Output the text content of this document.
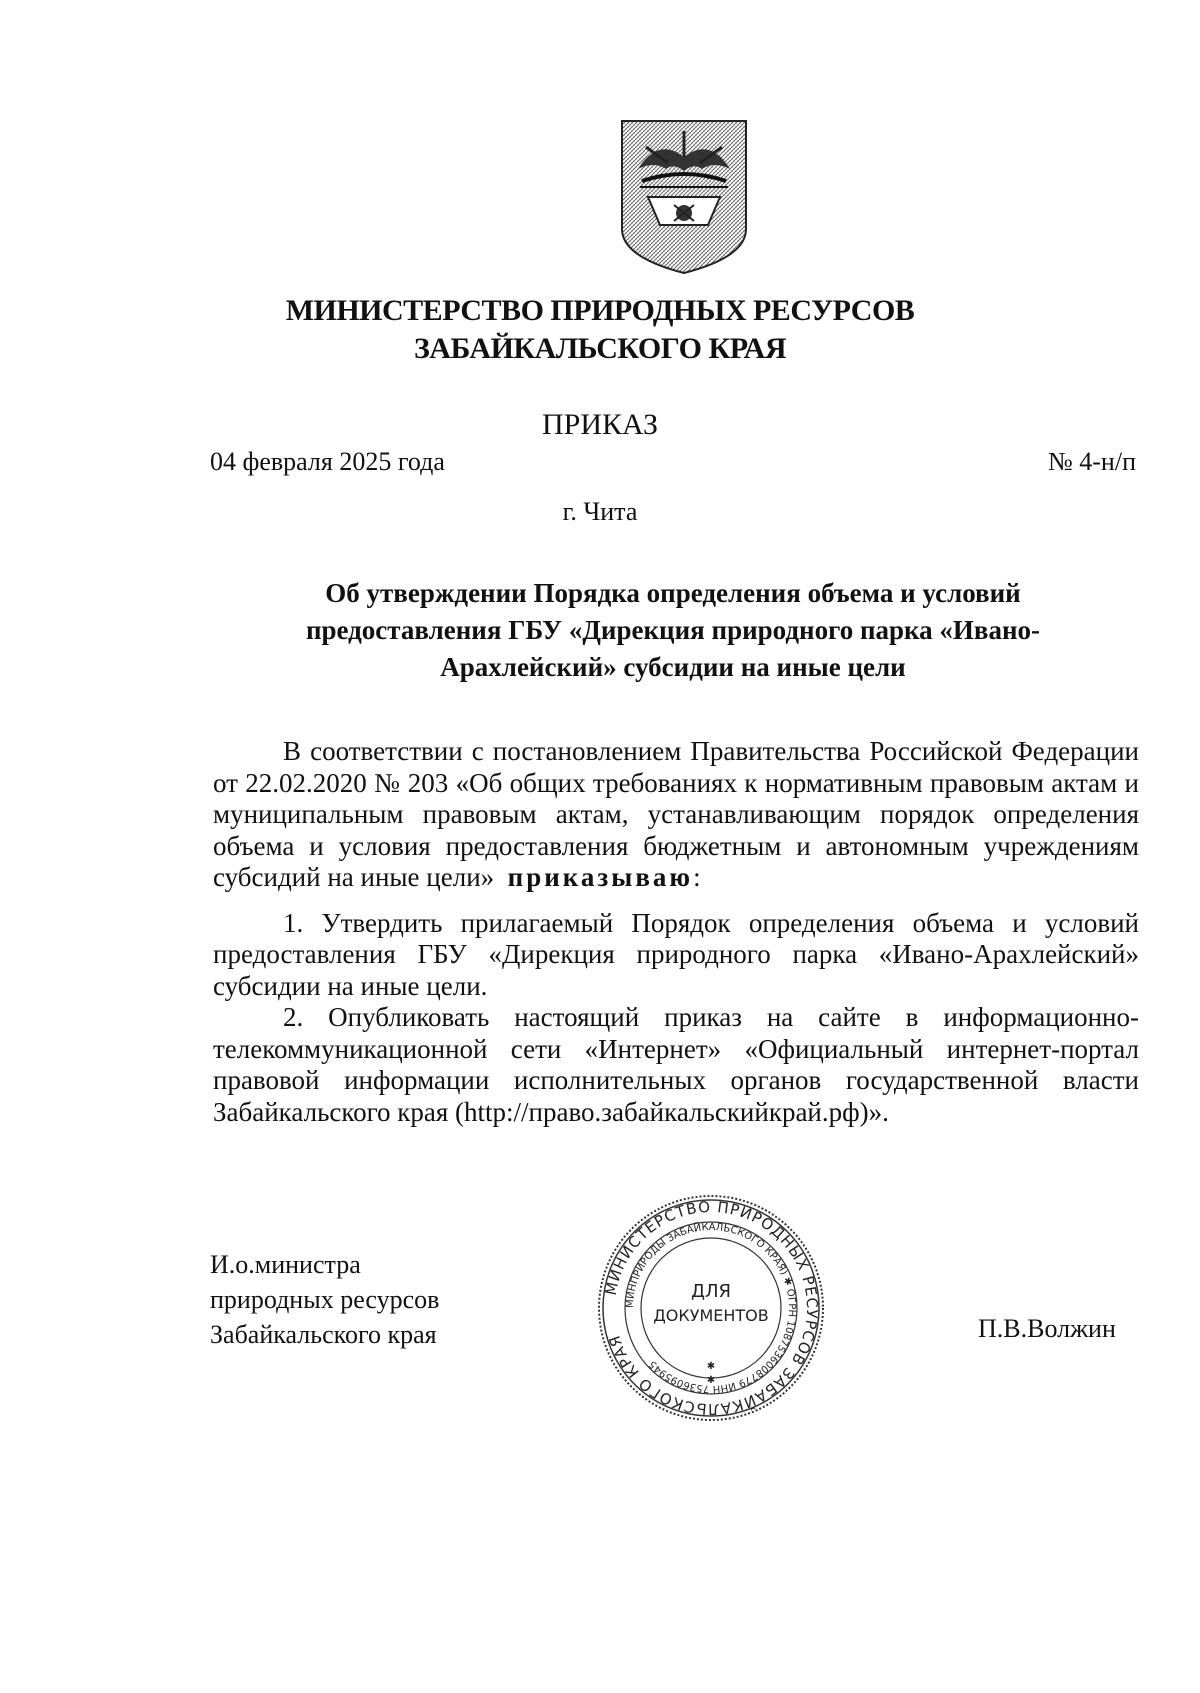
МИНИСТЕРСТВО ПРИРОДНЫХ РЕСУРСОВ
ЗАБАЙКАЛЬСКОГО КРАЯ
ПРИКАЗ
04 февраля 2025 года	№ 4-н/п
г. Чита
Об утверждении Порядка определения объема и условий
предоставления ГБУ «Дирекция природного парка «Ивано-
Арахлейский» субсидии на иные цели

В соответствии с постановлением Правительства Российской Федерации от 22.02.2020 № 203 «Об общих требованиях к нормативным правовым актам и муниципальным правовым актам, устанавливающим порядок определения объема и условия предоставления бюджетным и автономным учреждениям субсидий на иные цели» приказываю:

1. Утвердить прилагаемый Порядок определения объема и условий предоставления ГБУ «Дирекция природного парка «Ивано-Арахлейский» субсидии на иные цели.

2. Опубликовать настоящий приказ на сайте в информационно-телекоммуникационной сети «Интернет» «Официальный интернет-портал правовой информации исполнительных органов государственной власти Забайкальского края (http://право.забайкальскийкрай.рф)».

И.о.министра
природных ресурсов
Забайкальского края
МИНИСТЕРСТВО ПРИРОДНЫХ РЕСУРСОВ ЗАБАЙКАЛЬСКОГО КРАЯ
МИНПРИРОДЫ ЗАБАЙКАЛЬСКОГО КРАЯ) ✱ ОГРН 1087536008779 ИНН 7536095945
ДЛЯ
ДОКУМЕНТОВ
✱
✱
П.В.Волжин
